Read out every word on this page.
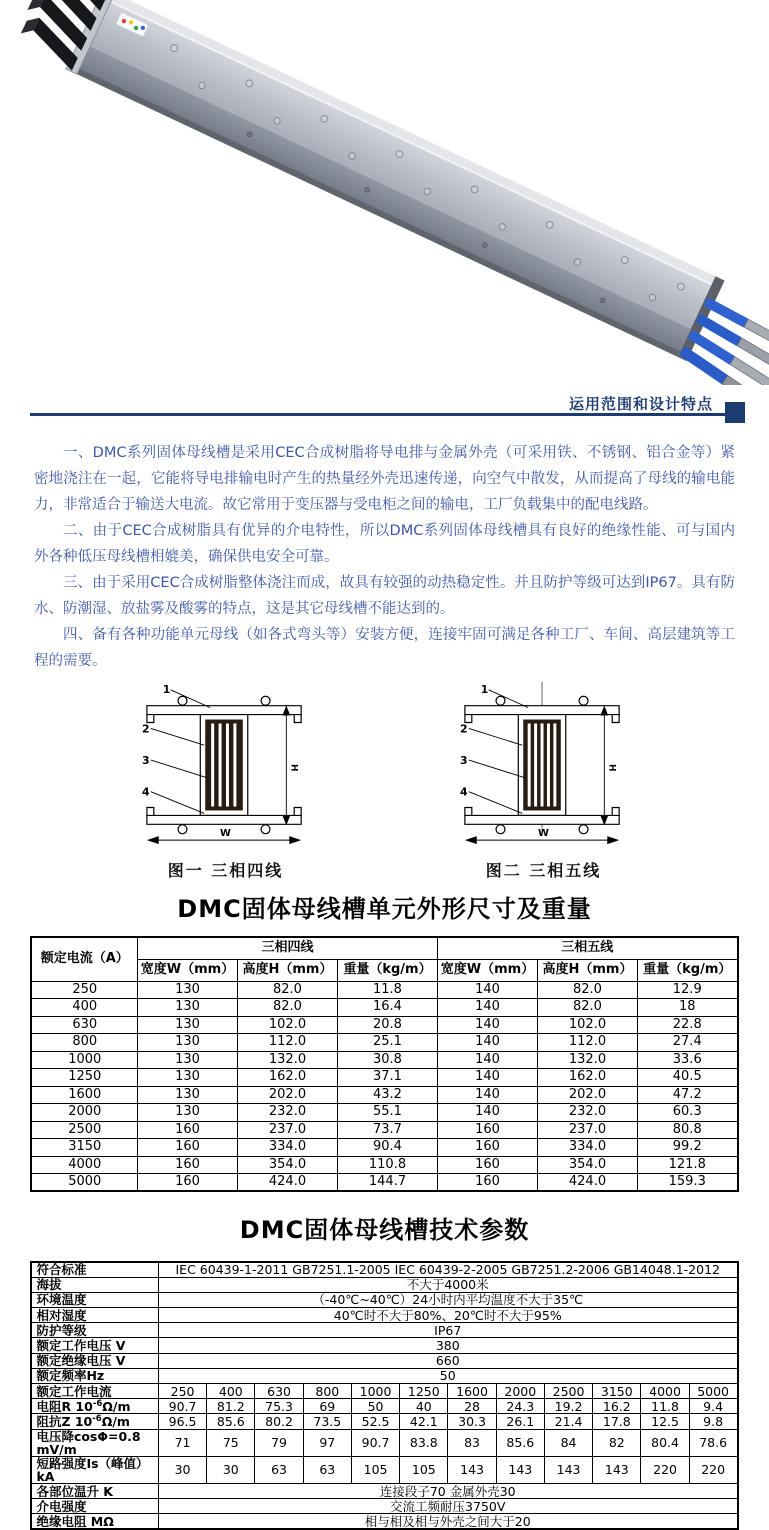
运用范围和设计特点

一、DMC系列固体母线槽是采用CEC合成树脂将导电排与金属外壳（可采用铁、不锈钢、铝合金等）紧密地浇注在一起，它能将导电排输电时产生的热量经外壳迅速传递，向空气中散发，从而提高了母线的输电能力，非常适合于输送大电流。故它常用于变压器与受电柜之间的输电，工厂负载集中的配电线路。

二、由于CEC合成树脂具有优异的介电特性，所以DMC系列固体母线槽具有良好的绝缘性能、可与国内外各种低压母线槽相媲美，确保供电安全可靠。

三、由于采用CEC合成树脂整体浇注而成，故具有较强的动热稳定性。并且防护等级可达到IP67。具有防水、防潮湿、放盐雾及酸雾的特点，这是其它母线槽不能达到的。

四、备有各种功能单元母线（如各式弯头等）安装方便，连接牢固可满足各种工厂、车间、高层建筑等工程的需要。

1
2
3
4
H
W
图一 三相四线
1
2
3
4
H
W
图二 三相五线
DMC固体母线槽单元外形尺寸及重量
额定电流（A）	三相四线			三相五线		
	宽度W（mm）	高度H（mm）	重量（kg/m）	宽度W（mm）	高度H（mm）	重量（kg/m）
250	130	82.0	11.8	140	82.0	12.9
400	130	82.0	16.4	140	82.0	18
630	130	102.0	20.8	140	102.0	22.8
800	130	112.0	25.1	140	112.0	27.4
1000	130	132.0	30.8	140	132.0	33.6
1250	130	162.0	37.1	140	162.0	40.5
1600	130	202.0	43.2	140	202.0	47.2
2000	130	232.0	55.1	140	232.0	60.3
2500	160	237.0	73.7	160	237.0	80.8
3150	160	334.0	90.4	160	334.0	99.2
4000	160	354.0	110.8	160	354.0	121.8
5000	160	424.0	144.7	160	424.0	159.3
DMC固体母线槽技术参数
符合标准	IEC 60439-1-2011 GB7251.1-2005 IEC 60439-2-2005 GB7251.2-2006 GB14048.1-2012											
海拔	不大于4000米											
环境温度	（-40℃~40℃）24小时内平均温度不大于35℃											
相对湿度	40℃时不大于80%、20℃时不大于95%											
防护等级	IP67											
额定工作电压 V	380											
额定绝缘电压 V	660											
额定频率Hz	50											
额定工作电流	250	400	630	800	1000	1250	1600	2000	2500	3150	4000	5000
电阻R $10^{-6}\Omega/m$	90.7	81.2	75.3	69	50	40	28	24.3	19.2	16.2	11.8	9.4
阻抗Z $10^{-6}\Omega/m$	96.5	85.6	80.2	73.5	52.5	42.1	30.3	26.1	21.4	17.8	12.5	9.8
电压降cosΦ=0.8 mV/m	71	75	79	97	90.7	83.8	83	85.6	84	82	80.4	78.6
短路强度Is（峰值） kA	30	30	63	63	105	105	143	143	143	143	220	220
各部位温升 K	连接段子70 金属外壳30											
介电强度	交流工频耐压3750V											
绝缘电阻 MΩ	相与相及相与外壳之间大于20											
